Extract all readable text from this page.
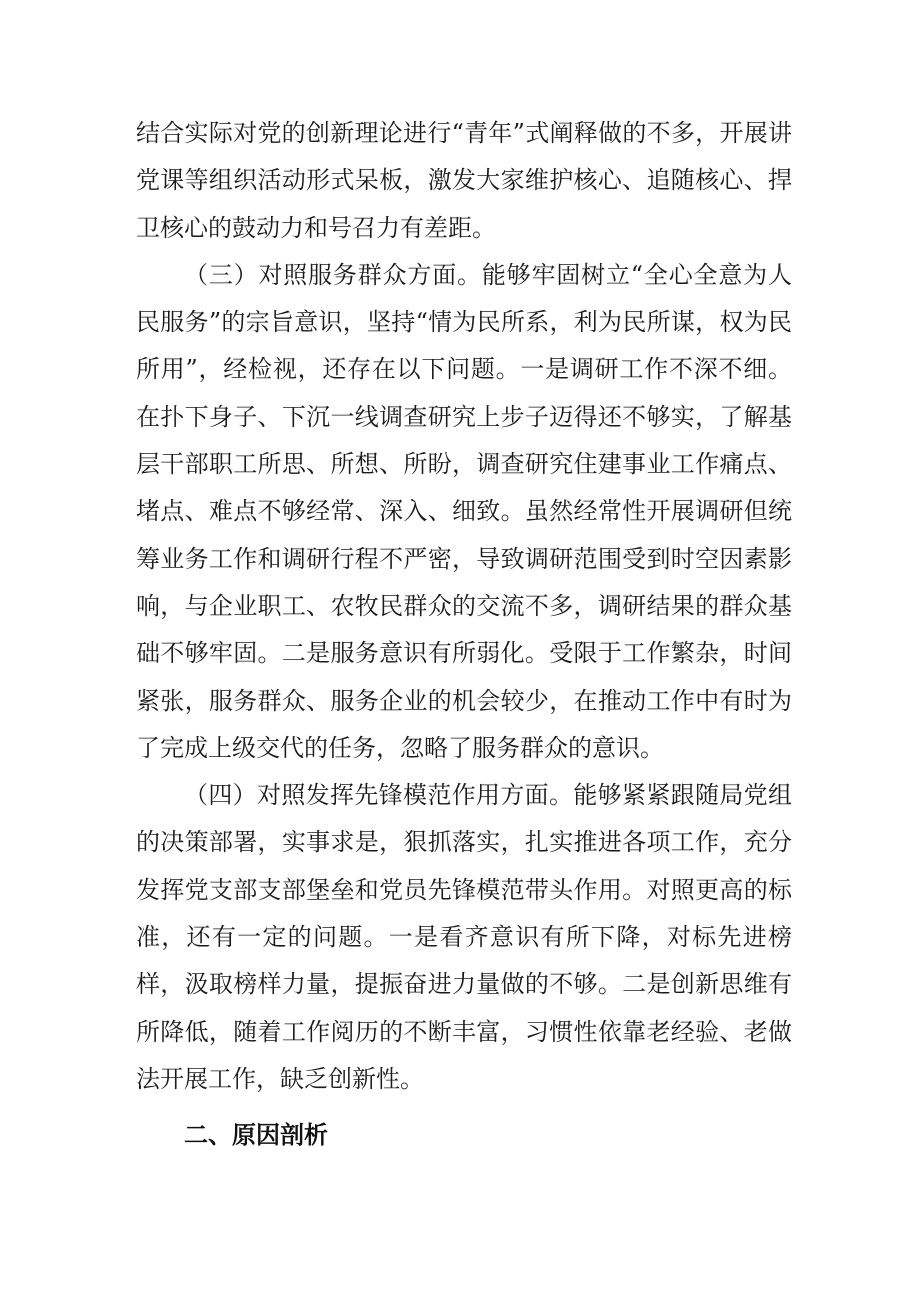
结合实际对党的创新理论进行“青年”式阐释做的不多，开展讲党课等组织活动形式呆板，激发大家维护核心、追随核心、捍卫核心的鼓动力和号召力有差距。

（三）对照服务群众方面。能够牢固树立“全心全意为人民服务”的宗旨意识，坚持“情为民所系，利为民所谋，权为民所用”，经检视，还存在以下问题。一是调研工作不深不细。在扑下身子、下沉一线调查研究上步子迈得还不够实，了解基层干部职工所思、所想、所盼，调查研究住建事业工作痛点、堵点、难点不够经常、深入、细致。虽然经常性开展调研但统筹业务工作和调研行程不严密，导致调研范围受到时空因素影响，与企业职工、农牧民群众的交流不多，调研结果的群众基础不够牢固。二是服务意识有所弱化。受限于工作繁杂，时间紧张，服务群众、服务企业的机会较少，在推动工作中有时为了完成上级交代的任务，忽略了服务群众的意识。

（四）对照发挥先锋模范作用方面。能够紧紧跟随局党组的决策部署，实事求是，狠抓落实，扎实推进各项工作，充分发挥党支部支部堡垒和党员先锋模范带头作用。对照更高的标准，还有一定的问题。一是看齐意识有所下降，对标先进榜样，汲取榜样力量，提振奋进力量做的不够。二是创新思维有所降低，随着工作阅历的不断丰富，习惯性依靠老经验、老做法开展工作，缺乏创新性。

二、原因剖析
